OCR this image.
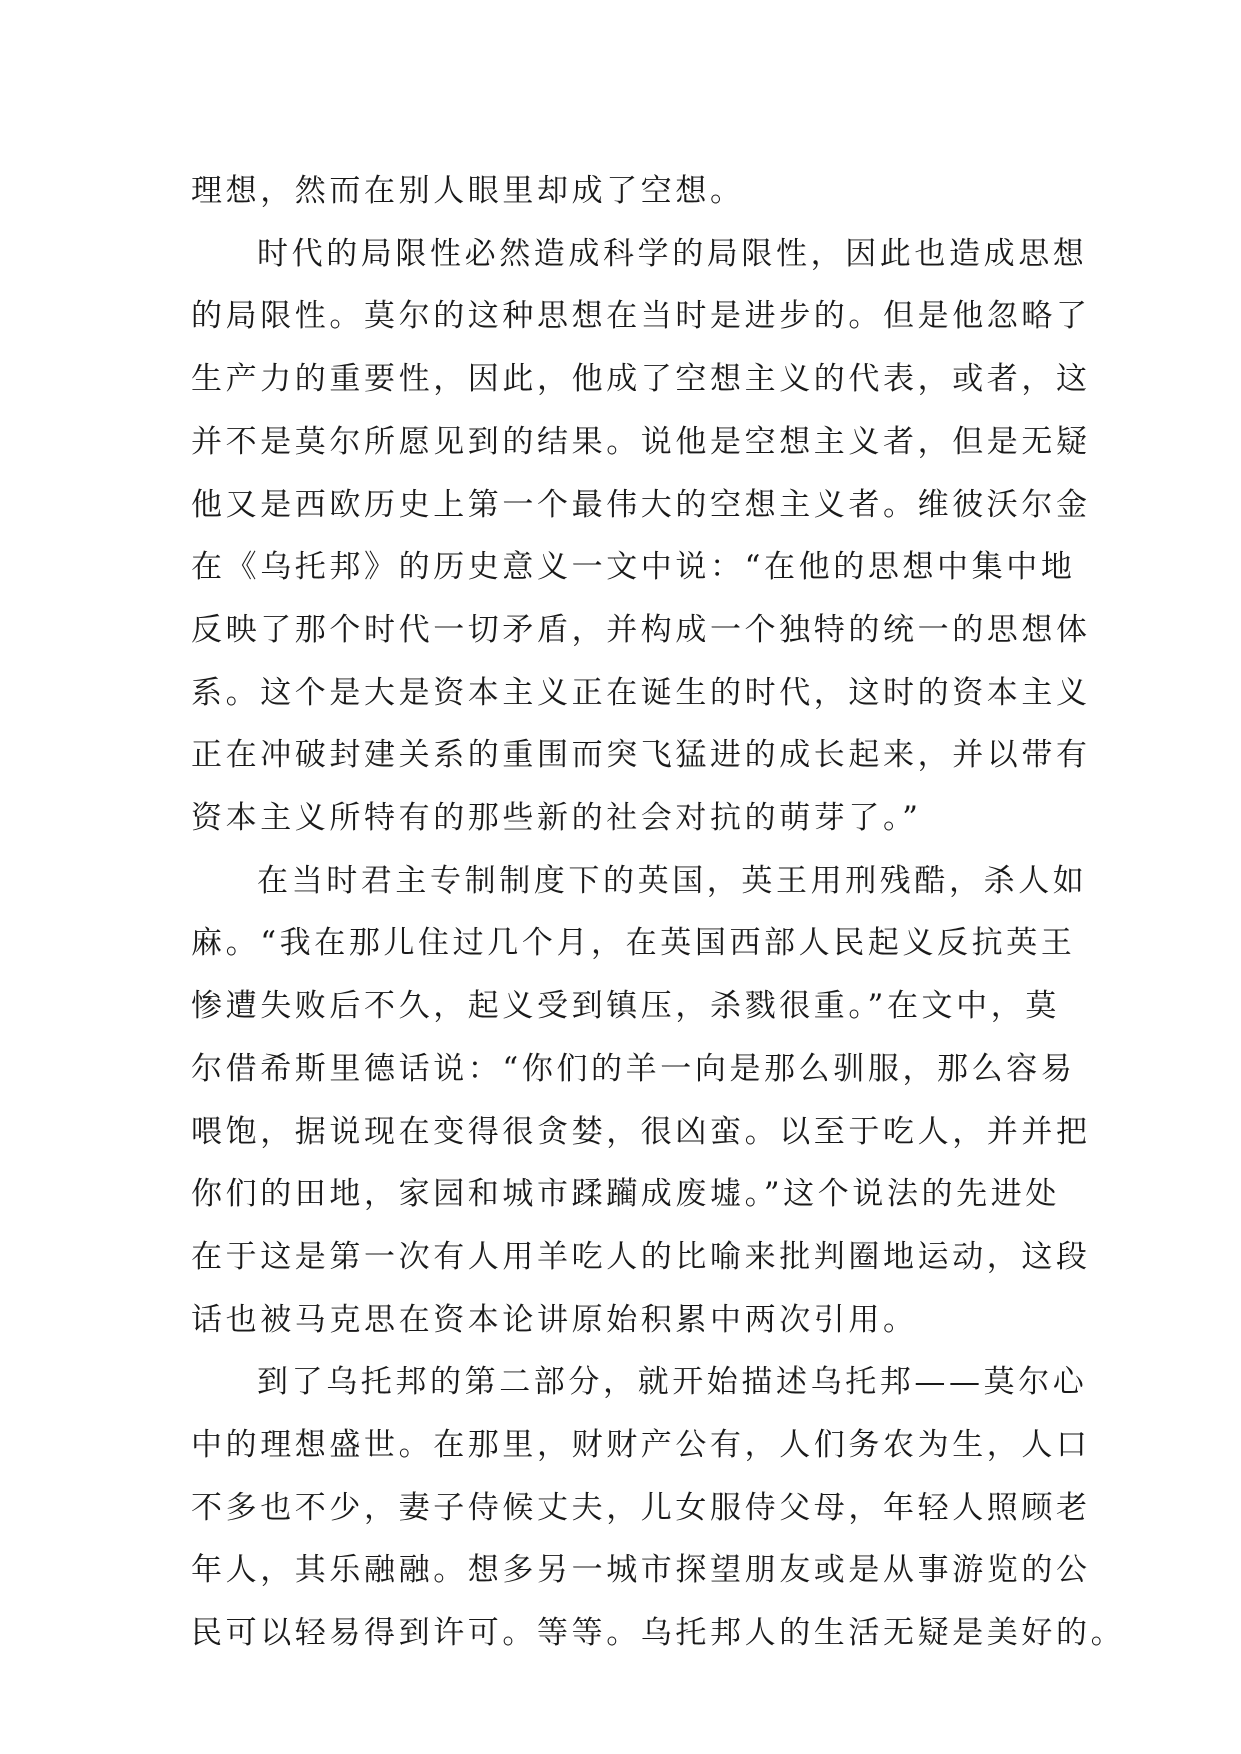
理想，然而在别人眼里却成了空想。

时代的局限性必然造成科学的局限性，因此也造成思想
的局限性。莫尔的这种思想在当时是进步的。但是他忽略了
生产力的重要性，因此，他成了空想主义的代表，或者，这
并不是莫尔所愿见到的结果。说他是空想主义者，但是无疑
他又是西欧历史上第一个最伟大的空想主义者。维彼沃尔金
在《乌托邦》的历史意义一文中说：“在他的思想中集中地
反映了那个时代一切矛盾，并构成一个独特的统一的思想体
系。这个是大是资本主义正在诞生的时代，这时的资本主义
正在冲破封建关系的重围而突飞猛进的成长起来，并以带有
资本主义所特有的那些新的社会对抗的萌芽了。”

在当时君主专制制度下的英国，英王用刑残酷，杀人如
麻。“我在那儿住过几个月，在英国西部人民起义反抗英王
惨遭失败后不久，起义受到镇压，杀戮很重。”在文中，莫
尔借希斯里德话说：“你们的羊一向是那么驯服，那么容易
喂饱，据说现在变得很贪婪，很凶蛮。以至于吃人，并并把
你们的田地，家园和城市蹂躏成废墟。”这个说法的先进处
在于这是第一次有人用羊吃人的比喻来批判圈地运动，这段
话也被马克思在资本论讲原始积累中两次引用。

到了乌托邦的第二部分，就开始描述乌托邦——莫尔心
中的理想盛世。在那里，财财产公有，人们务农为生，人口
不多也不少，妻子侍候丈夫，儿女服侍父母，年轻人照顾老
年人，其乐融融。想多另一城市探望朋友或是从事游览的公
民可以轻易得到许可。等等。乌托邦人的生活无疑是美好的。
